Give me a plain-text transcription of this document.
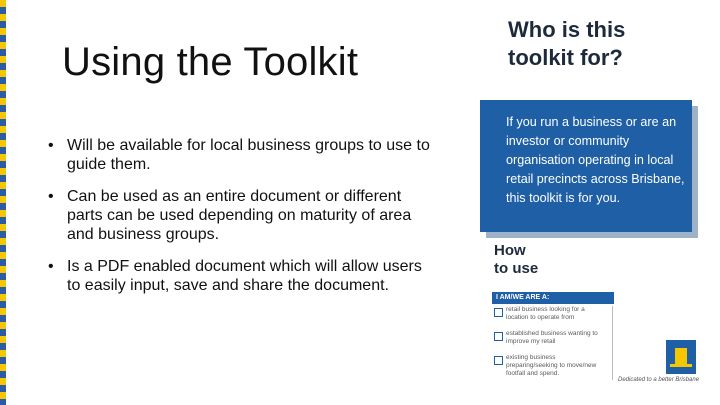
Using the Toolkit
• Will be available for local business groups to use to guide them.
• Can be used as an entire document or different parts can be used depending on maturity of area and business groups.
• Is a PDF enabled document which will allow users to easily input, save and share the document.
Who is this
toolkit for?
If you run a business or are an investor or community organisation operating in local retail precincts across Brisbane, this toolkit is for you.
How
to use
I AM/WE ARE A:
retail business looking for a location to operate from
established business wanting to improve my retail
existing business preparing/seeking to move/new footfall and spend.
Dedicated to a better Brisbane
